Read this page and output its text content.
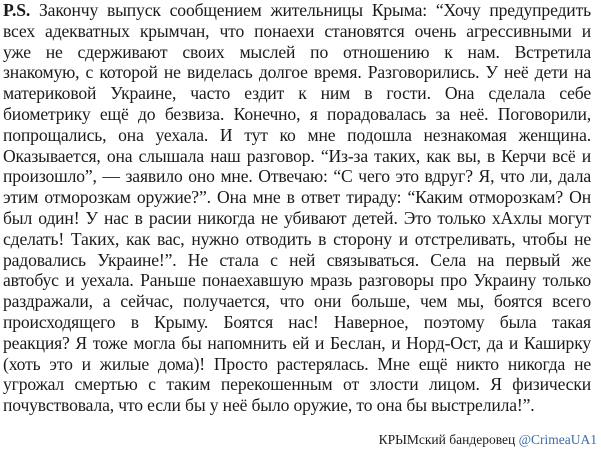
P.S. Закончу выпуск сообщением жительницы Крыма: “Хочу предупредить
всех адекватных крымчан, что понаехи становятся очень агрессивными и
уже не сдерживают своих мыслей по отношению к нам. Встретила
знакомую, с которой не виделась долгое время. Разговорились. У неё дети на
материковой Украине, часто ездит к ним в гости. Она сделала себе
биометрику ещё до безвиза. Конечно, я порадовалась за неё. Поговорили,
попрощались, она уехала. И тут ко мне подошла незнакомая женщина.
Оказывается, она слышала наш разговор. “Из-за таких, как вы, в Керчи всё и
произошло”, — заявило оно мне. Отвечаю: “С чего это вдруг? Я, что ли, дала
этим отморозкам оружие?”. Она мне в ответ тираду: “Каким отморозкам? Он
был один! У нас в расии никогда не убивают детей. Это только хАхлы могут
сделать! Таких, как вас, нужно отводить в сторону и отстреливать, чтобы не
радовались Украине!”. Не стала с ней связываться. Села на первый же
автобус и уехала. Раньше понаехавшую мразь разговоры про Украину только
раздражали, а сейчас, получается, что они больше, чем мы, боятся всего
происходящего в Крыму. Боятся нас! Наверное, поэтому была такая
реакция? Я тоже могла бы напомнить ей и Беслан, и Норд-Ост, да и Каширку
(хоть это и жилые дома)! Просто растерялась. Мне ещё никто никогда не
угрожал смертью с таким перекошенным от злости лицом. Я физически
почувствовала, что если бы у неё было оружие, то она бы выстрелила!”.
КРЫМский бандеровец @CrimeaUA1
